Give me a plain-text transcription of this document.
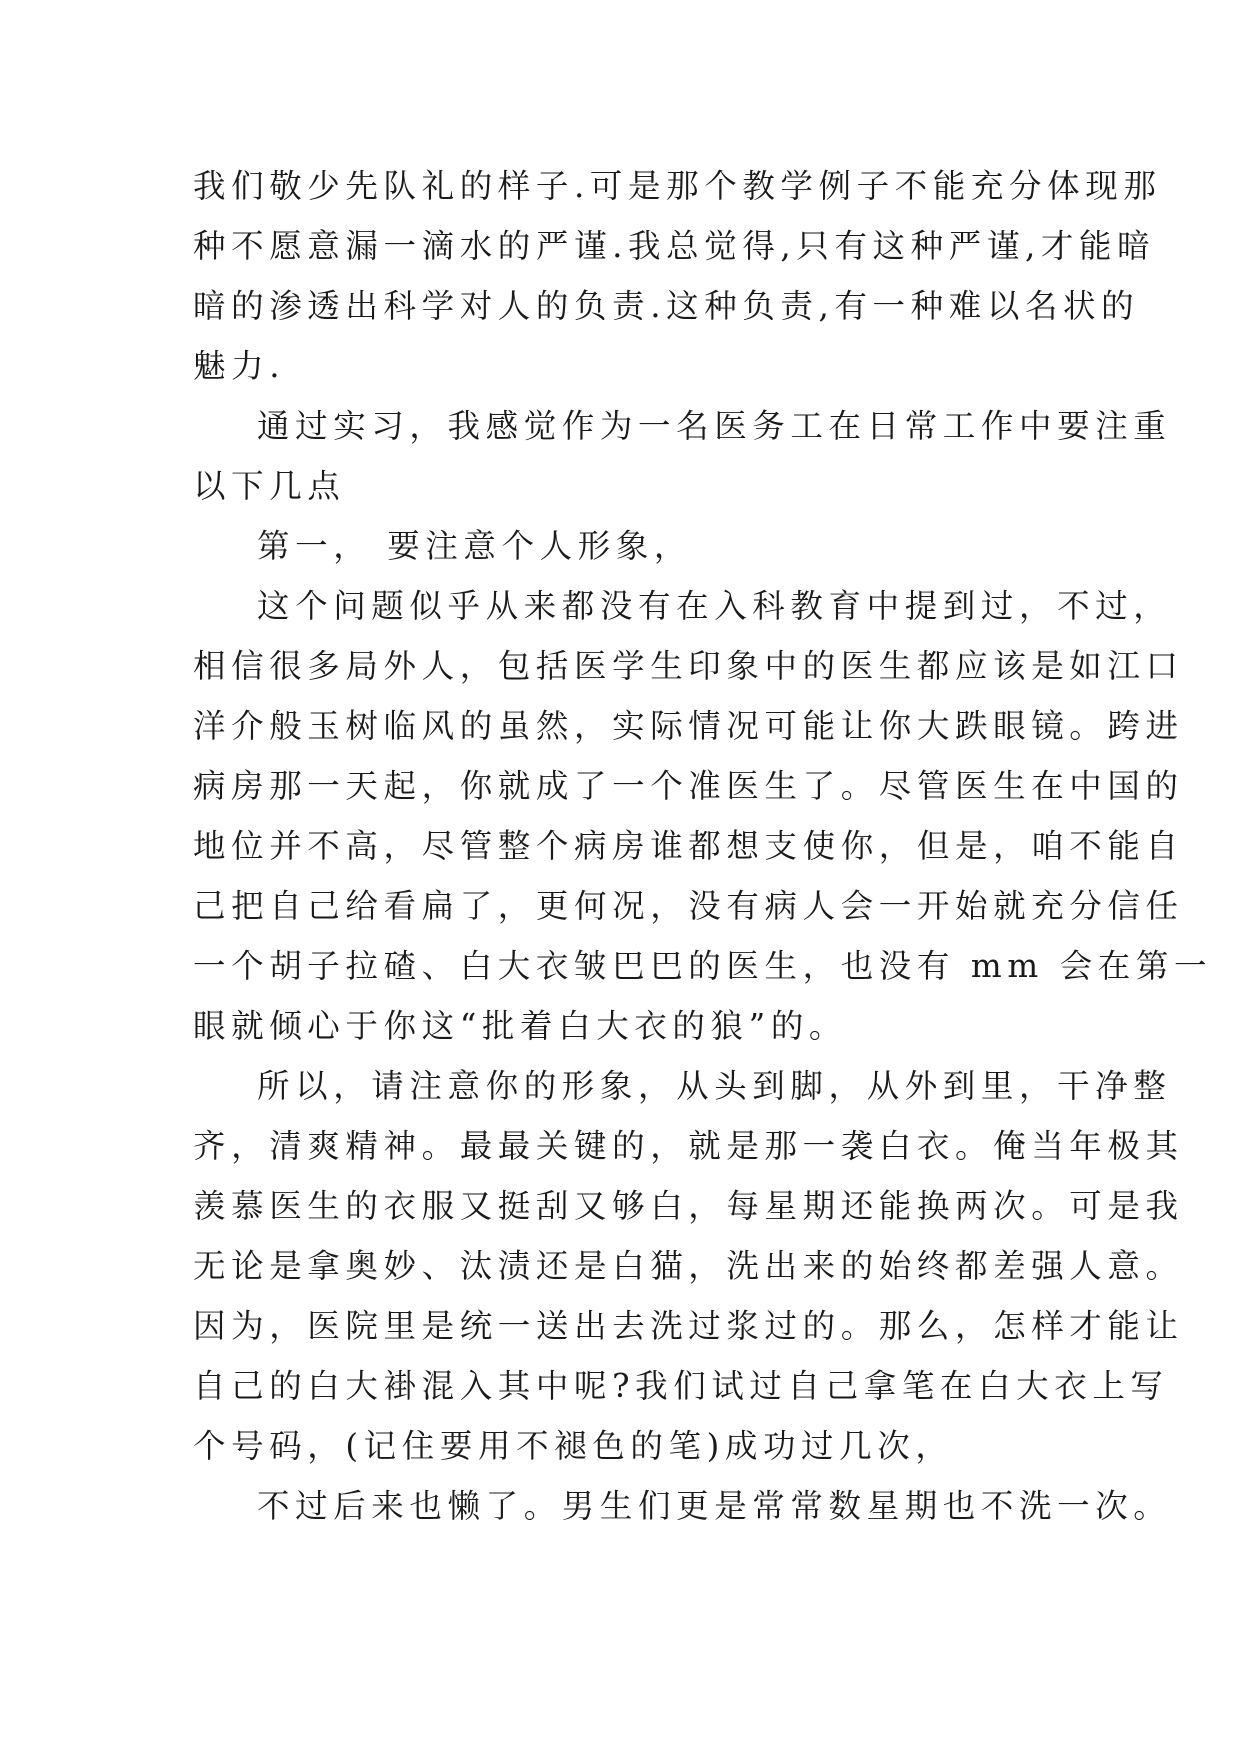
我们敬少先队礼的样子.可是那个教学例子不能充分体现那
种不愿意漏一滴水的严谨.我总觉得,只有这种严谨,才能暗
暗的渗透出科学对人的负责.这种负责,有一种难以名状的
魅力.
通过实习，我感觉作为一名医务工在日常工作中要注重
以下几点
第一， 要注意个人形象，
这个问题似乎从来都没有在入科教育中提到过，不过，
相信很多局外人，包括医学生印象中的医生都应该是如江口
洋介般玉树临风的虽然，实际情况可能让你大跌眼镜。跨进
病房那一天起，你就成了一个准医生了。尽管医生在中国的
地位并不高，尽管整个病房谁都想支使你，但是，咱不能自
己把自己给看扁了，更何况，没有病人会一开始就充分信任
一个胡子拉碴、白大衣皱巴巴的医生，也没有 mm 会在第一
眼就倾心于你这“批着白大衣的狼”的。
所以，请注意你的形象，从头到脚，从外到里，干净整
齐，清爽精神。最最关键的，就是那一袭白衣。俺当年极其
羡慕医生的衣服又挺刮又够白，每星期还能换两次。可是我
无论是拿奥妙、汰渍还是白猫，洗出来的始终都差强人意。
因为，医院里是统一送出去洗过浆过的。那么，怎样才能让
自己的白大褂混入其中呢?我们试过自己拿笔在白大衣上写
个号码，(记住要用不褪色的笔)成功过几次，
不过后来也懒了。男生们更是常常数星期也不洗一次。
